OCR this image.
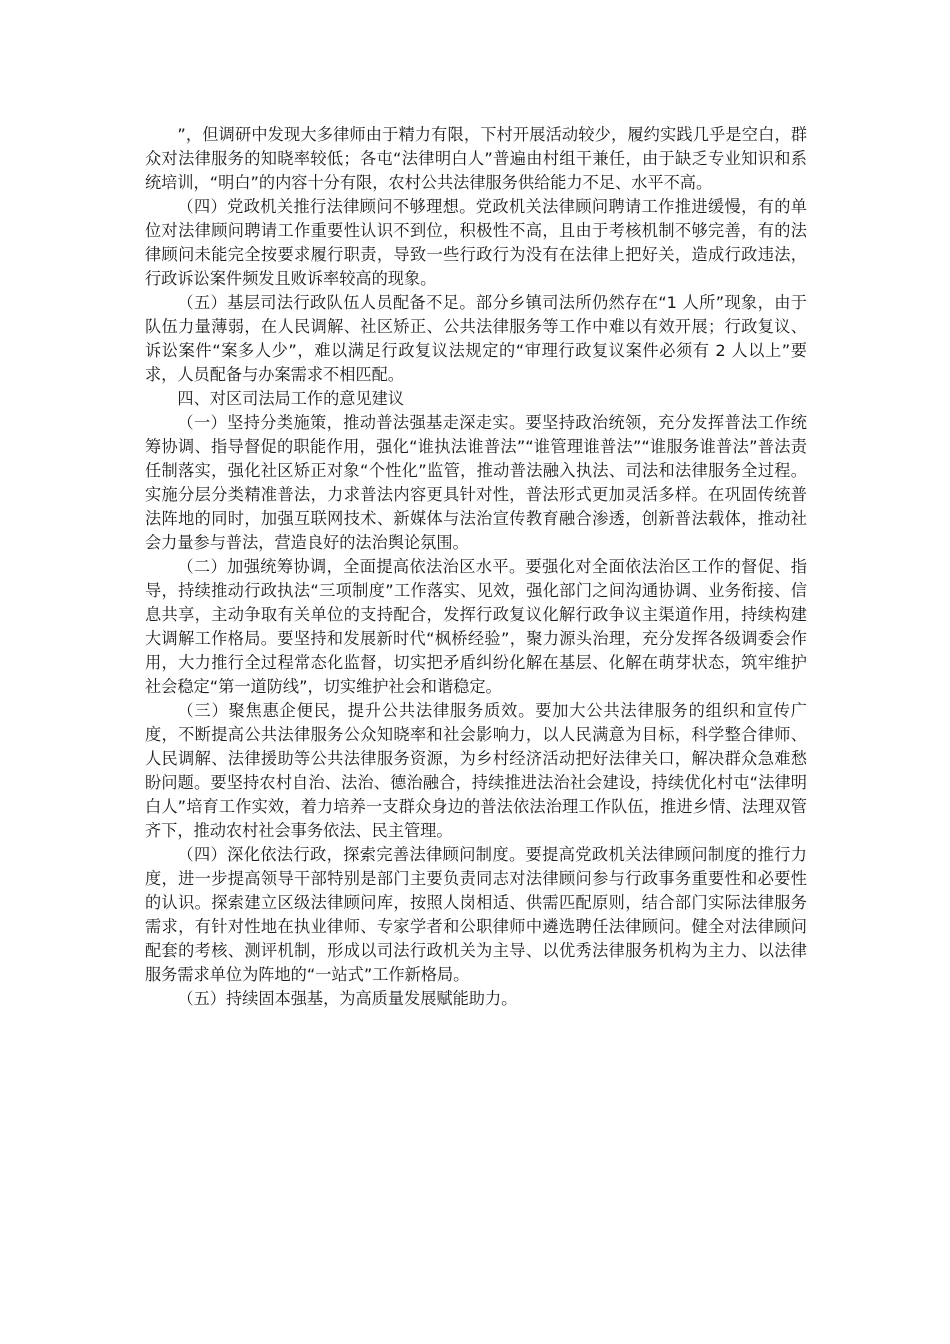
”，但调研中发现大多律师由于精力有限，下村开展活动较少，履约实践几乎是空白，群众对法律服务的知晓率较低；各屯“法律明白人”普遍由村组干兼任，由于缺乏专业知识和系统培训，“明白”的内容十分有限，农村公共法律服务供给能力不足、水平不高。

（四）党政机关推行法律顾问不够理想。党政机关法律顾问聘请工作推进缓慢，有的单位对法律顾问聘请工作重要性认识不到位，积极性不高，且由于考核机制不够完善，有的法律顾问未能完全按要求履行职责，导致一些行政行为没有在法律上把好关，造成行政违法，行政诉讼案件频发且败诉率较高的现象。

（五）基层司法行政队伍人员配备不足。部分乡镇司法所仍然存在“1 人所”现象，由于队伍力量薄弱，在人民调解、社区矫正、公共法律服务等工作中难以有效开展；行政复议、诉讼案件“案多人少”，难以满足行政复议法规定的“审理行政复议案件必须有 2 人以上”要求，人员配备与办案需求不相匹配。

四、对区司法局工作的意见建议

（一）坚持分类施策，推动普法强基走深走实。要坚持政治统领，充分发挥普法工作统筹协调、指导督促的职能作用，强化“谁执法谁普法”“谁管理谁普法”“谁服务谁普法”普法责任制落实，强化社区矫正对象“个性化”监管，推动普法融入执法、司法和法律服务全过程。实施分层分类精准普法，力求普法内容更具针对性，普法形式更加灵活多样。在巩固传统普法阵地的同时，加强互联网技术、新媒体与法治宣传教育融合渗透，创新普法载体，推动社会力量参与普法，营造良好的法治舆论氛围。

（二）加强统筹协调，全面提高依法治区水平。要强化对全面依法治区工作的督促、指导，持续推动行政执法“三项制度”工作落实、见效，强化部门之间沟通协调、业务衔接、信息共享，主动争取有关单位的支持配合，发挥行政复议化解行政争议主渠道作用，持续构建大调解工作格局。要坚持和发展新时代“枫桥经验”，聚力源头治理，充分发挥各级调委会作用，大力推行全过程常态化监督，切实把矛盾纠纷化解在基层、化解在萌芽状态，筑牢维护社会稳定“第一道防线”，切实维护社会和谐稳定。

（三）聚焦惠企便民，提升公共法律服务质效。要加大公共法律服务的组织和宣传广度，不断提高公共法律服务公众知晓率和社会影响力，以人民满意为目标，科学整合律师、人民调解、法律援助等公共法律服务资源，为乡村经济活动把好法律关口，解决群众急难愁盼问题。要坚持农村自治、法治、德治融合，持续推进法治社会建设，持续优化村屯“法律明白人”培育工作实效，着力培养一支群众身边的普法依法治理工作队伍，推进乡情、法理双管齐下，推动农村社会事务依法、民主管理。

（四）深化依法行政，探索完善法律顾问制度。要提高党政机关法律顾问制度的推行力度，进一步提高领导干部特别是部门主要负责同志对法律顾问参与行政事务重要性和必要性的认识。探索建立区级法律顾问库，按照人岗相适、供需匹配原则，结合部门实际法律服务需求，有针对性地在执业律师、专家学者和公职律师中遴选聘任法律顾问。健全对法律顾问配套的考核、测评机制，形成以司法行政机关为主导、以优秀法律服务机构为主力、以法律服务需求单位为阵地的“一站式”工作新格局。

（五）持续固本强基，为高质量发展赋能助力。
